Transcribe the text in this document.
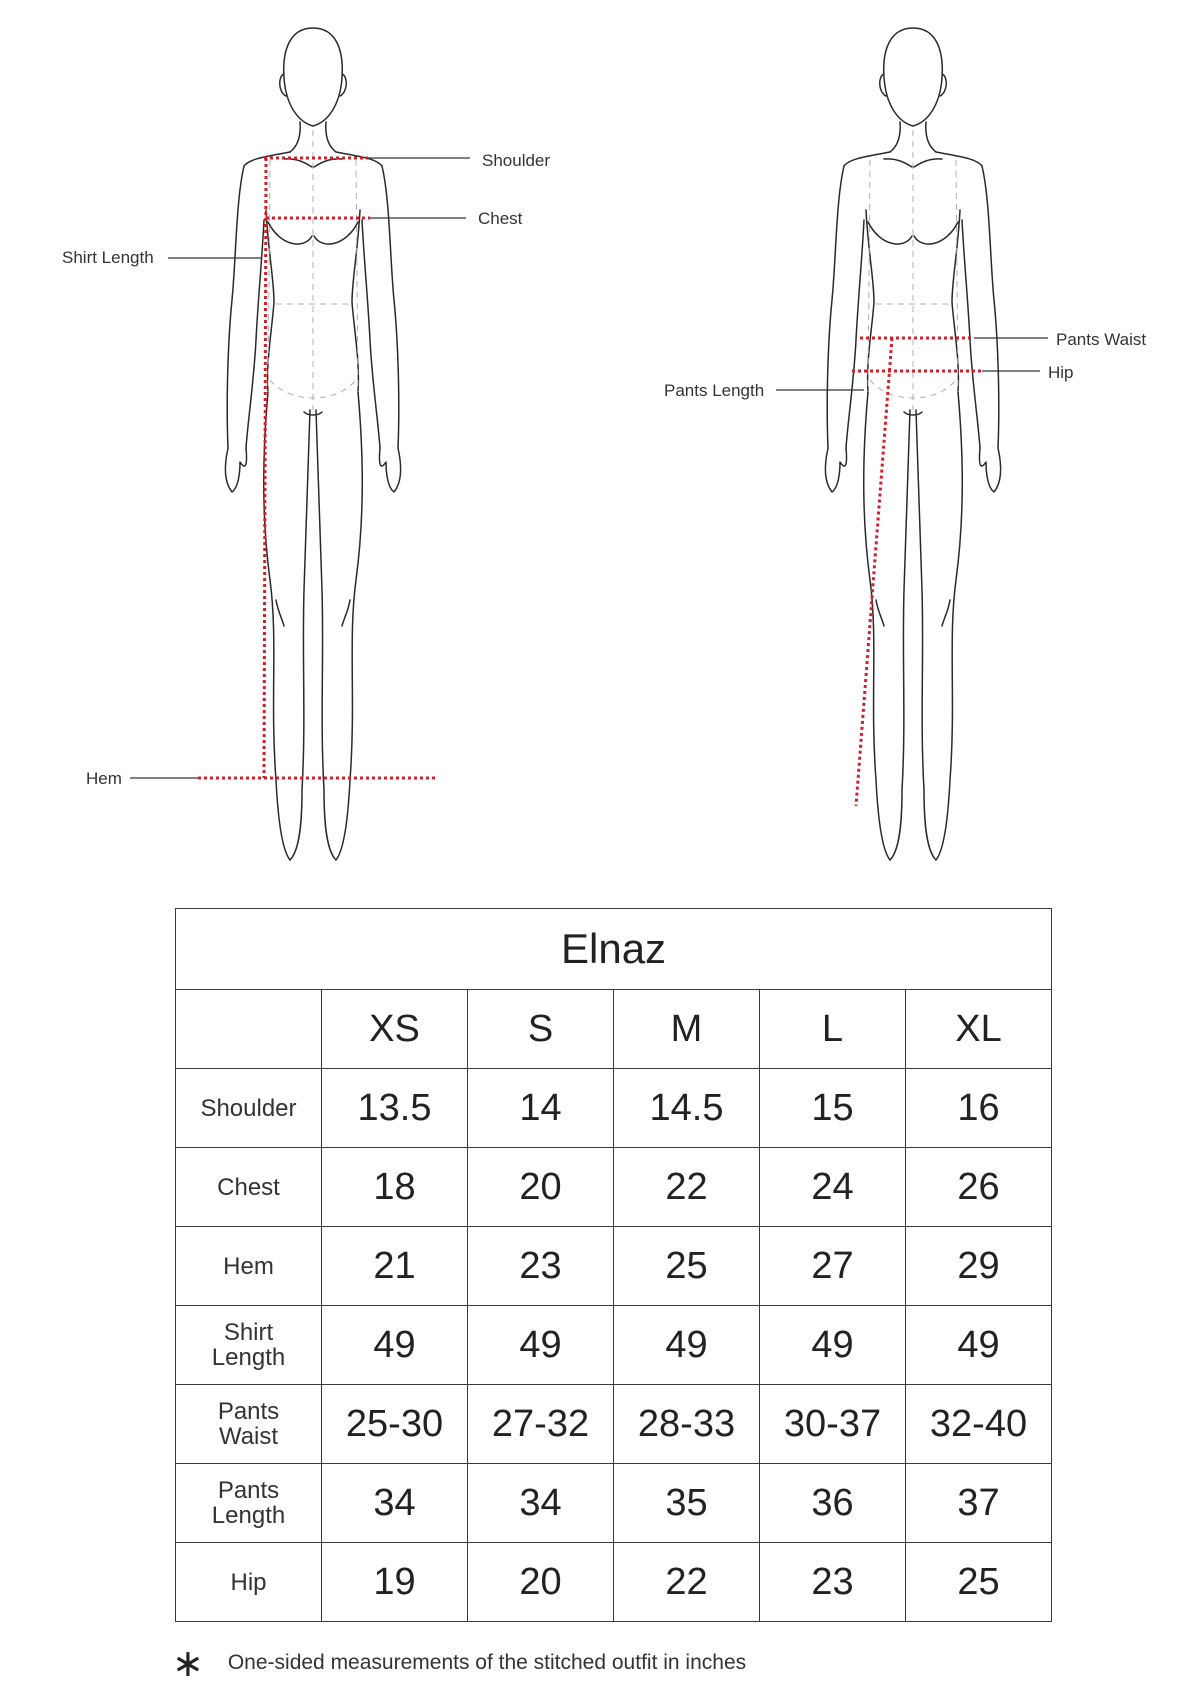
Shoulder
Chest
Shirt Length
Hem
Pants Waist
Hip
Pants Length
Elnaz					
	XS	S	M	L	XL
Shoulder	13.5	14	14.5	15	16
Chest	18	20	22	24	26
Hem	21	23	25	27	29
Shirt
Length	49	49	49	49	49
Pants
Waist	25-30	27-32	28-33	30-37	32-40
Pants
Length	34	34	35	36	37
Hip	19	20	22	23	25
∗ One-sided measurements of the stitched outfit in inches
